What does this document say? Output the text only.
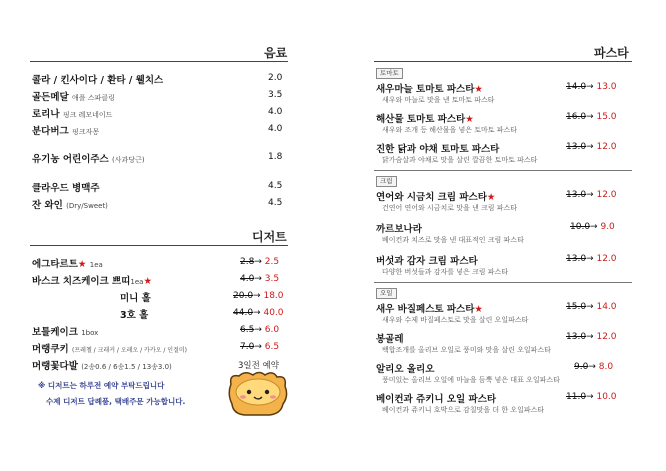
음료
콜라 / 킨사이다 / 환타 / 웰치스	2.0
골든메달 애플 스파클링	3.5
로리나 핑크 레모네이드	4.0
분다버그 핑크자몽	4.0
유기농 어린이주스 (사과당근)	1.8
클라우드 병맥주	4.5
잔 와인 (Dry/Sweet)	4.5
디저트
에그타르트★ 1ea	2.8→ 2.5
바스크 치즈케이크 쁘띠1ea★	4.0→ 3.5
미니 홀	20.0→ 18.0
3호 홀	44.0→ 40.0
보틀케이크 1box	6.5→ 6.0
머랭쿠키 (프레첼 / 크래커 / 오레오 / 카카오 / 인절미)	7.0→ 6.5
머랭꽃다발 (2송0.6 / 6송1.5 / 13송3.0)	3일전 예약
※ 디저트는 하루전 예약 부탁드립니다
수제 디저트 답례품, 택배주문 가능합니다.
파스타
토마토
새우마늘 토마토 파스타★	14.0→ 13.0
새우와 마늘로 맛을 낸 토마토 파스타
해산물 토마토 파스타★	16.0→ 15.0
새우와 조개 등 해산물을 넣은 토마토 파스타
진한 닭과 야채 토마토 파스타	13.0→ 12.0
닭가슴살과 야채로 맛을 살린 깔끔한 토마토 파스타
크림
연어와 시금치 크림 파스타★	13.0→ 12.0
건연어 연어와 시금치로 맛을 낸 크림 파스타
까르보나라	10.0→ 9.0
베이컨과 치즈로 맛을 낸 대표적인 크림 파스타
버섯과 감자 크림 파스타	13.0→ 12.0
다양한 버섯들과 감자를 넣은 크림 파스타
오일
새우 바질페스토 파스타★	15.0→ 14.0
새우와 수제 바질페스토로 맛을 살린 오일파스타
봉골레	13.0→ 12.0
백합조개를 올리브 오일로 풍미와 맛을 살린 오일파스타
알리오 올리오	9.0→ 8.0
풍미있는 올리브 오일에 마늘을 듬뿍 넣은 대표 오일파스타
베이컨과 쥬키니 오일 파스타	11.0→ 10.0
베이컨과 쥬키니 호박으로 감칠맛을 더 한 오일파스타
